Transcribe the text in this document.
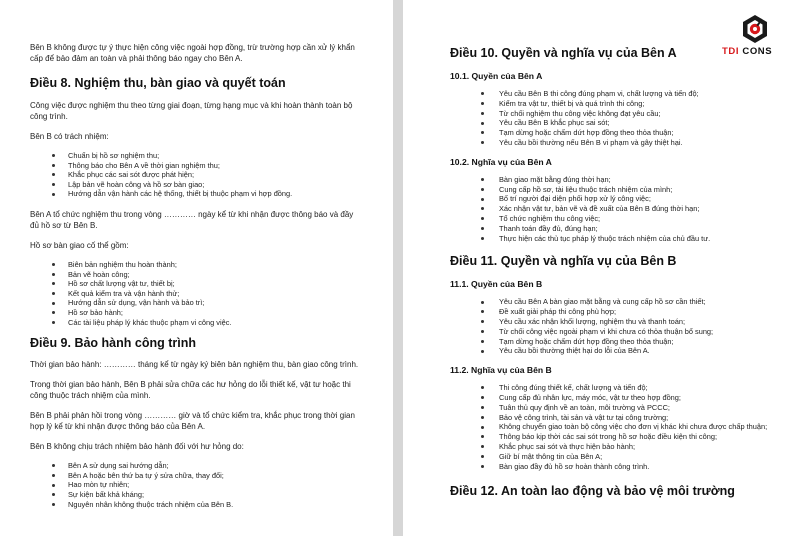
Bên B không được tự ý thực hiện công việc ngoài hợp đồng, trừ trường hợp cần xử lý khẩn cấp để bảo đảm an toàn và phải thông báo ngay cho Bên A.

Điều 8. Nghiệm thu, bàn giao và quyết toán

Công việc được nghiệm thu theo từng giai đoạn, từng hạng mục và khi hoàn thành toàn bộ công trình.

Bên B có trách nhiệm:

Chuẩn bị hồ sơ nghiệm thu;
Thông báo cho Bên A về thời gian nghiệm thu;
Khắc phục các sai sót được phát hiện;
Lập bản vẽ hoàn công và hồ sơ bàn giao;
Hướng dẫn vận hành các hệ thống, thiết bị thuộc phạm vi hợp đồng.

Bên A tổ chức nghiệm thu trong vòng ………… ngày kể từ khi nhận được thông báo và đầy đủ hồ sơ từ Bên B.

Hồ sơ bàn giao cố thể gồm:

Biên bản nghiệm thu hoàn thành;
Bản vẽ hoàn công;
Hồ sơ chất lượng vật tư, thiết bị;
Kết quả kiểm tra và vận hành thử;
Hướng dẫn sử dụng, vận hành và bảo trì;
Hồ sơ bảo hành;
Các tài liệu pháp lý khác thuộc phạm vi công việc.
Điều 9. Bảo hành công trình

Thời gian bảo hành: ………… tháng kể từ ngày ký biên bản nghiệm thu, bàn giao công trình.

Trong thời gian bảo hành, Bên B phải sửa chữa các hư hỏng do lỗi thiết kế, vật tư hoặc thi công thuộc trách nhiệm của mình.

Bên B phải phản hồi trong vòng ………… giờ và tổ chức kiểm tra, khắc phục trong thời gian hợp lý kể từ khi nhận được thông báo của Bên A.

Bên B không chịu trách nhiệm bảo hành đối với hư hỏng do:

Bên A sử dụng sai hướng dẫn;
Bên A hoặc bên thứ ba tự ý sửa chữa, thay đổi;
Hao mòn tự nhiên;
Sự kiện bất khả kháng;
Nguyên nhân không thuộc trách nhiệm của Bên B.
TDI CONS
Điều 10. Quyền và nghĩa vụ của Bên A
10.1. Quyền của Bên A
Yêu cầu Bên B thi công đúng phạm vi, chất lượng và tiến độ;
Kiểm tra vật tư, thiết bị và quá trình thi công;
Từ chối nghiệm thu công việc không đạt yêu cầu;
Yêu cầu Bên B khắc phục sai sót;
Tạm dừng hoặc chấm dứt hợp đồng theo thỏa thuận;
Yêu cầu bồi thường nếu Bên B vi phạm và gây thiệt hại.
10.2. Nghĩa vụ của Bên A
Bàn giao mặt bằng đúng thời hạn;
Cung cấp hồ sơ, tài liệu thuộc trách nhiệm của mình;
Bố trí người đại diện phối hợp xử lý công việc;
Xác nhận vật tư, bản vẽ và đề xuất của Bên B đúng thời hạn;
Tổ chức nghiệm thu công việc;
Thanh toán đầy đủ, đúng hạn;
Thực hiện các thủ tục pháp lý thuộc trách nhiệm của chủ đầu tư.
Điều 11. Quyền và nghĩa vụ của Bên B
11.1. Quyền của Bên B
Yêu cầu Bên A bàn giao mặt bằng và cung cấp hồ sơ cần thiết;
Đề xuất giải pháp thi công phù hợp;
Yêu cầu xác nhận khối lượng, nghiệm thu và thanh toán;
Từ chối công việc ngoài phạm vi khi chưa có thỏa thuận bổ sung;
Tạm dừng hoặc chấm dứt hợp đồng theo thỏa thuận;
Yêu cầu bồi thường thiệt hại do lỗi của Bên A.
11.2. Nghĩa vụ của Bên B
Thi công đúng thiết kế, chất lượng và tiến độ;
Cung cấp đủ nhân lực, máy móc, vật tư theo hợp đồng;
Tuân thủ quy định về an toàn, môi trường và PCCC;
Bảo vệ công trình, tài sản và vật tư tại công trường;
Không chuyển giao toàn bộ công việc cho đơn vị khác khi chưa được chấp thuận;
Thông báo kịp thời các sai sót trong hồ sơ hoặc điều kiện thi công;
Khắc phục sai sót và thực hiện bảo hành;
Giữ bí mật thông tin của Bên A;
Bàn giao đầy đủ hồ sơ hoàn thành công trình.
Điều 12. An toàn lao động và bảo vệ môi trường
